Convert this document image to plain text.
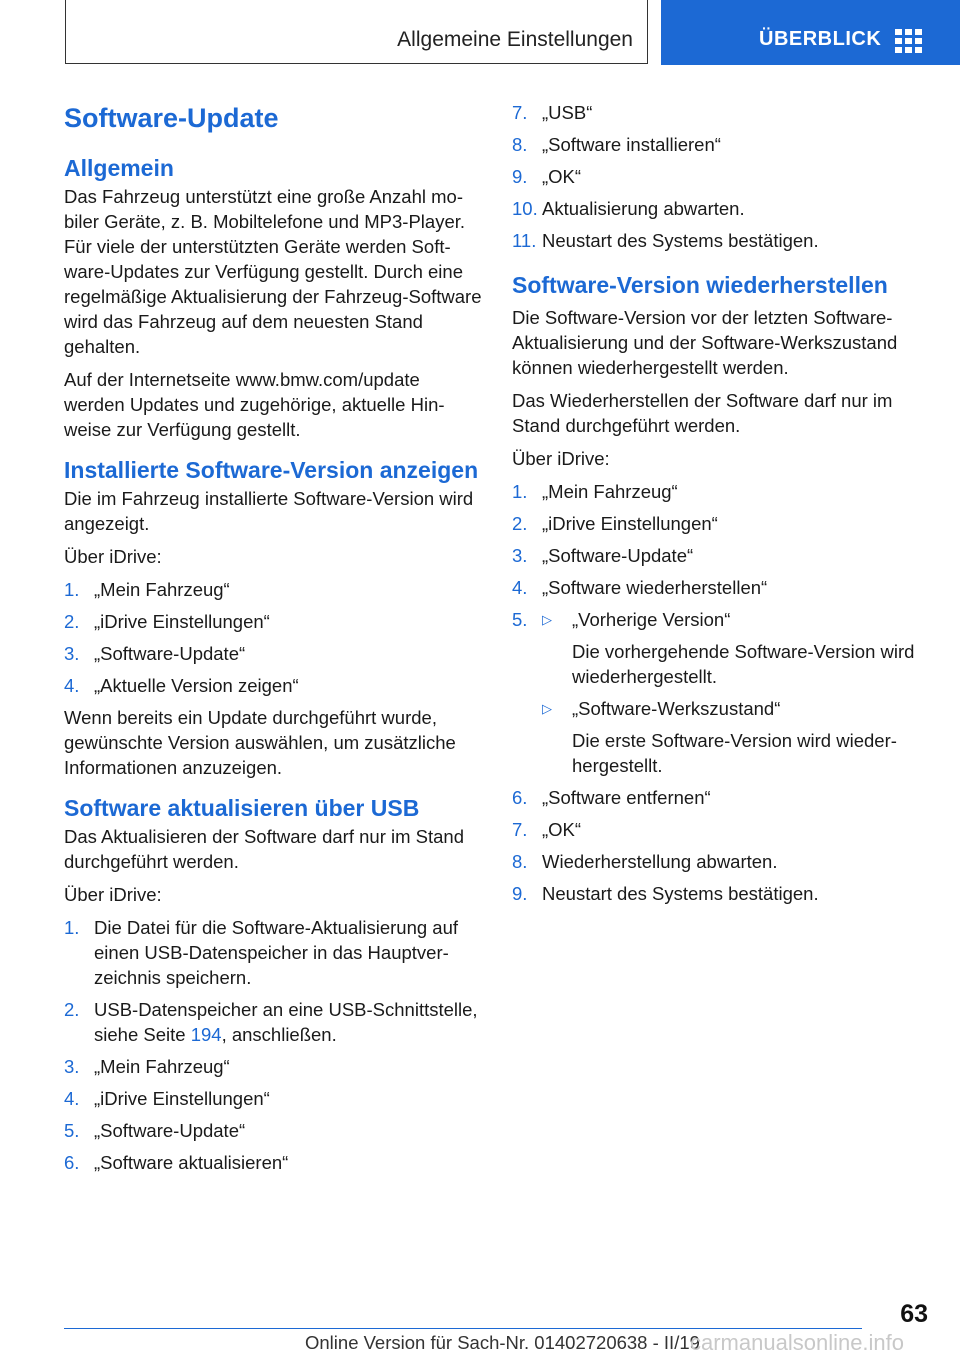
Allgemeine Einstellungen	ÜBERBLICK
Software-Update
Allgemein

Das Fahrzeug unterstützt eine große Anzahl mobiler Geräte, z. B. Mobiltelefone und MP3-Player. Für viele der unterstützten Geräte werden Software-Updates zur Verfügung gestellt. Durch eine regelmäßige Aktualisierung der Fahrzeug-Software wird das Fahrzeug auf dem neuesten Stand gehalten.

Auf der Internetseite www.bmw.com/update werden Updates und zugehörige, aktuelle Hinweise zur Verfügung gestellt.

Installierte Software-Version anzeigen

Die im Fahrzeug installierte Software-Version wird angezeigt.

Über iDrive:

1. „Mein Fahrzeug“
2. „iDrive Einstellungen“
3. „Software-Update“
4. „Aktuelle Version zeigen“

Wenn bereits ein Update durchgeführt wurde, gewünschte Version auswählen, um zusätzliche Informationen anzuzeigen.

Software aktualisieren über USB

Das Aktualisieren der Software darf nur im Stand durchgeführt werden.

Über iDrive:

1. Die Datei für die Software-Aktualisierung auf einen USB-Datenspeicher in das Hauptverzeichnis speichern.
2. USB-Datenspeicher an eine USB-Schnittstelle, siehe Seite 194, anschließen.
3. „Mein Fahrzeug“
4. „iDrive Einstellungen“
5. „Software-Update“
6. „Software aktualisieren“
7. „USB“
8. „Software installieren“
9. „OK“
10. Aktualisierung abwarten.
11. Neustart des Systems bestätigen.
Software-Version wiederherstellen

Die Software-Version vor der letzten Software-Aktualisierung und der Software-Werkszustand können wiederhergestellt werden.

Das Wiederherstellen der Software darf nur im Stand durchgeführt werden.

Über iDrive:

1. „Mein Fahrzeug“
2. „iDrive Einstellungen“
3. „Software-Update“
4. „Software wiederherstellen“
5. ▷ „Vorherige Version“
Die vorhergehende Software-Version wird wiederhergestellt.
▷ „Software-Werkszustand“
Die erste Software-Version wird wiederhergestellt.
6. „Software entfernen“
7. „OK“
8. Wiederherstellung abwarten.
9. Neustart des Systems bestätigen.
63
Online Version für Sach-Nr. 01402720638 - II/19
carmanualsonline.info
